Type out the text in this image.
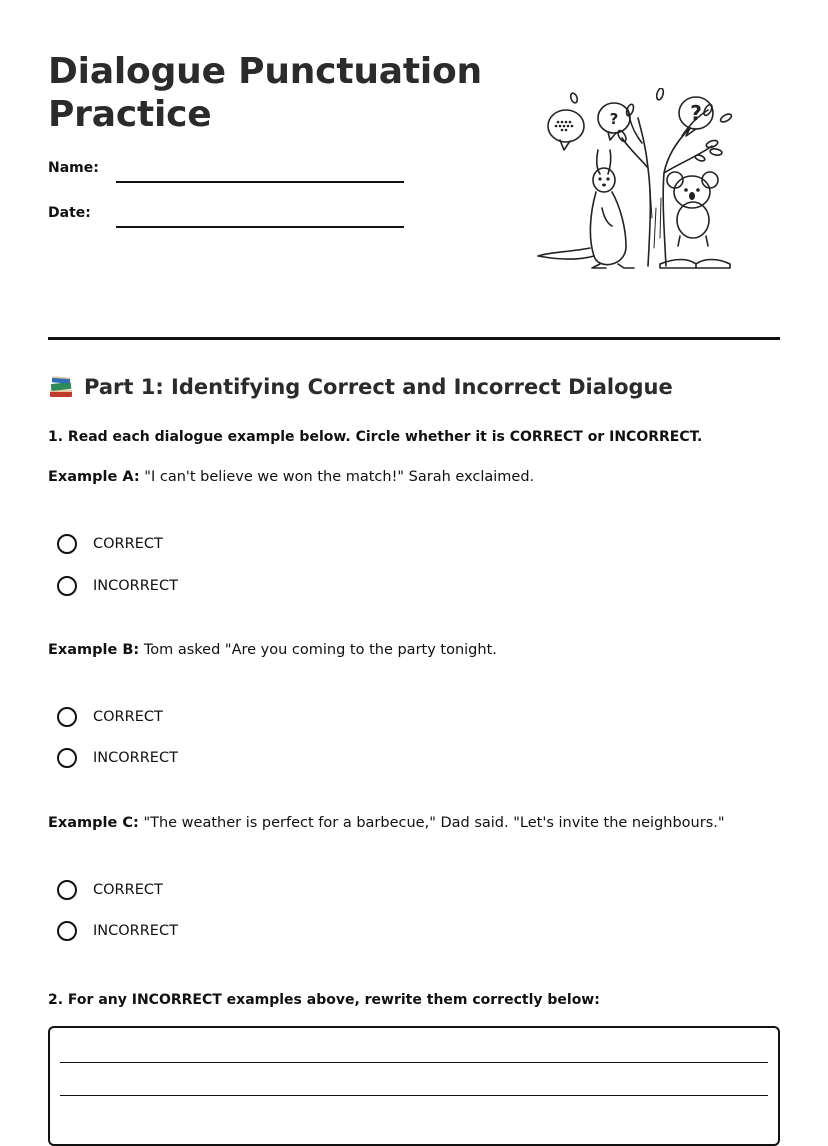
Dialogue Punctuation Practice
Name:
Date:
?	?
Part 1: Identifying Correct and Incorrect Dialogue
1. Read each dialogue example below. Circle whether it is CORRECT or INCORRECT.
Example A: "I can't believe we won the match!" Sarah exclaimed.
CORRECT
INCORRECT
Example B: Tom asked "Are you coming to the party tonight.
CORRECT
INCORRECT
Example C: "The weather is perfect for a barbecue," Dad said. "Let's invite the neighbours."
CORRECT
INCORRECT
2. For any INCORRECT examples above, rewrite them correctly below:
